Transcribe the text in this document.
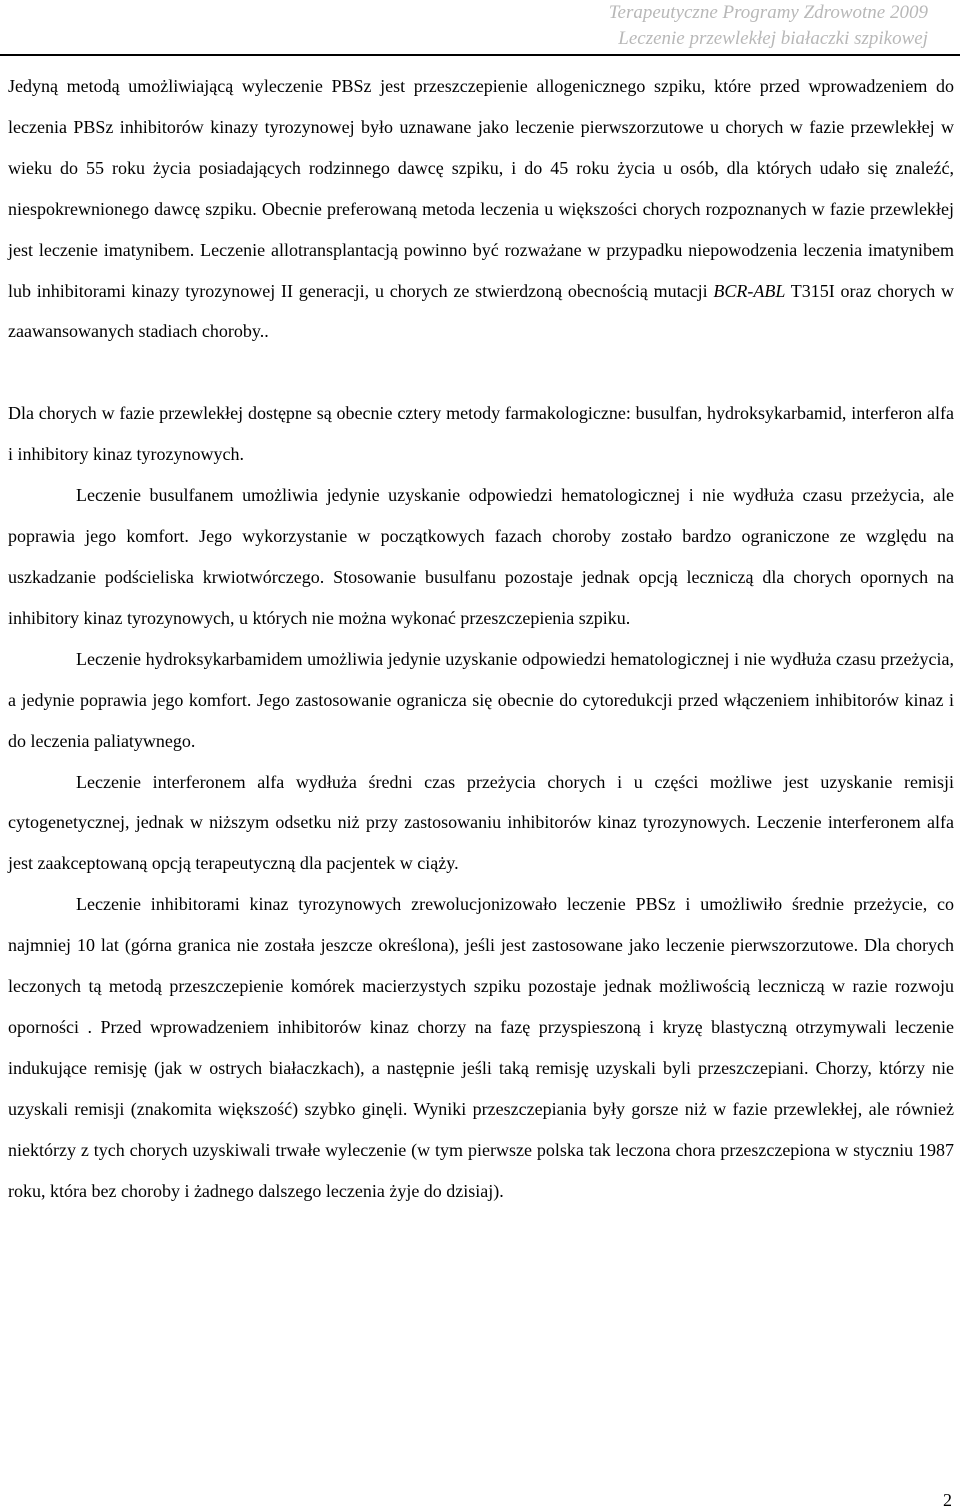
Terapeutyczne Programy Zdrowotne 2009
Leczenie przewlekłej białaczki szpikowej

Jedyną metodą umożliwiającą wyleczenie PBSz jest przeszczepienie allogenicznego szpiku, które przed wprowadzeniem do leczenia PBSz inhibitorów kinazy tyrozynowej było uznawane jako leczenie pierwszorzutowe u chorych w fazie przewlekłej w wieku do 55 roku życia posiadających rodzinnego dawcę szpiku, i do 45 roku życia u osób, dla których udało się znaleźć, niespokrewnionego dawcę szpiku. Obecnie preferowaną metoda leczenia u większości chorych rozpoznanych w fazie przewlekłej jest leczenie imatynibem. Leczenie allotransplantacją powinno być rozważane w przypadku niepowodzenia leczenia imatynibem lub inhibitorami kinazy tyrozynowej II generacji, u chorych ze stwierdzoną obecnością mutacji BCR-ABL T315I oraz chorych w zaawansowanych stadiach choroby..

Dla chorych w fazie przewlekłej dostępne są obecnie cztery metody farmakologiczne: busulfan, hydroksykarbamid, interferon alfa i inhibitory kinaz tyrozynowych.

Leczenie busulfanem umożliwia jedynie uzyskanie odpowiedzi hematologicznej i nie wydłuża czasu przeżycia, ale poprawia jego komfort. Jego wykorzystanie w początkowych fazach choroby zostało bardzo ograniczone ze względu na uszkadzanie podścieliska krwiotwórczego. Stosowanie busulfanu pozostaje jednak opcją leczniczą dla chorych opornych na inhibitory kinaz tyrozynowych, u których nie można wykonać przeszczepienia szpiku.

Leczenie hydroksykarbamidem umożliwia jedynie uzyskanie odpowiedzi hematologicznej i nie wydłuża czasu przeżycia, a jedynie poprawia jego komfort. Jego zastosowanie ogranicza się obecnie do cytoredukcji przed włączeniem inhibitorów kinaz i do leczenia paliatywnego.

Leczenie interferonem alfa wydłuża średni czas przeżycia chorych i u części możliwe jest uzyskanie remisji cytogenetycznej, jednak w niższym odsetku niż przy zastosowaniu inhibitorów kinaz tyrozynowych. Leczenie interferonem alfa jest zaakceptowaną opcją terapeutyczną dla pacjentek w ciąży.

Leczenie inhibitorami kinaz tyrozynowych zrewolucjonizowało leczenie PBSz i umożliwiło średnie przeżycie, co najmniej 10 lat (górna granica nie została jeszcze określona), jeśli jest zastosowane jako leczenie pierwszorzutowe. Dla chorych leczonych tą metodą przeszczepienie komórek macierzystych szpiku pozostaje jednak możliwością leczniczą w razie rozwoju oporności . Przed wprowadzeniem inhibitorów kinaz chorzy na fazę przyspieszoną i kryzę blastyczną otrzymywali leczenie indukujące remisję (jak w ostrych białaczkach), a następnie jeśli taką remisję uzyskali byli przeszczepiani. Chorzy, którzy nie uzyskali remisji (znakomita większość) szybko ginęli. Wyniki przeszczepiania były gorsze niż w fazie przewlekłej, ale również niektórzy z tych chorych uzyskiwali trwałe wyleczenie (w tym pierwsze polska tak leczona chora przeszczepiona w styczniu 1987 roku, która bez choroby i żadnego dalszego leczenia żyje do dzisiaj).

2
